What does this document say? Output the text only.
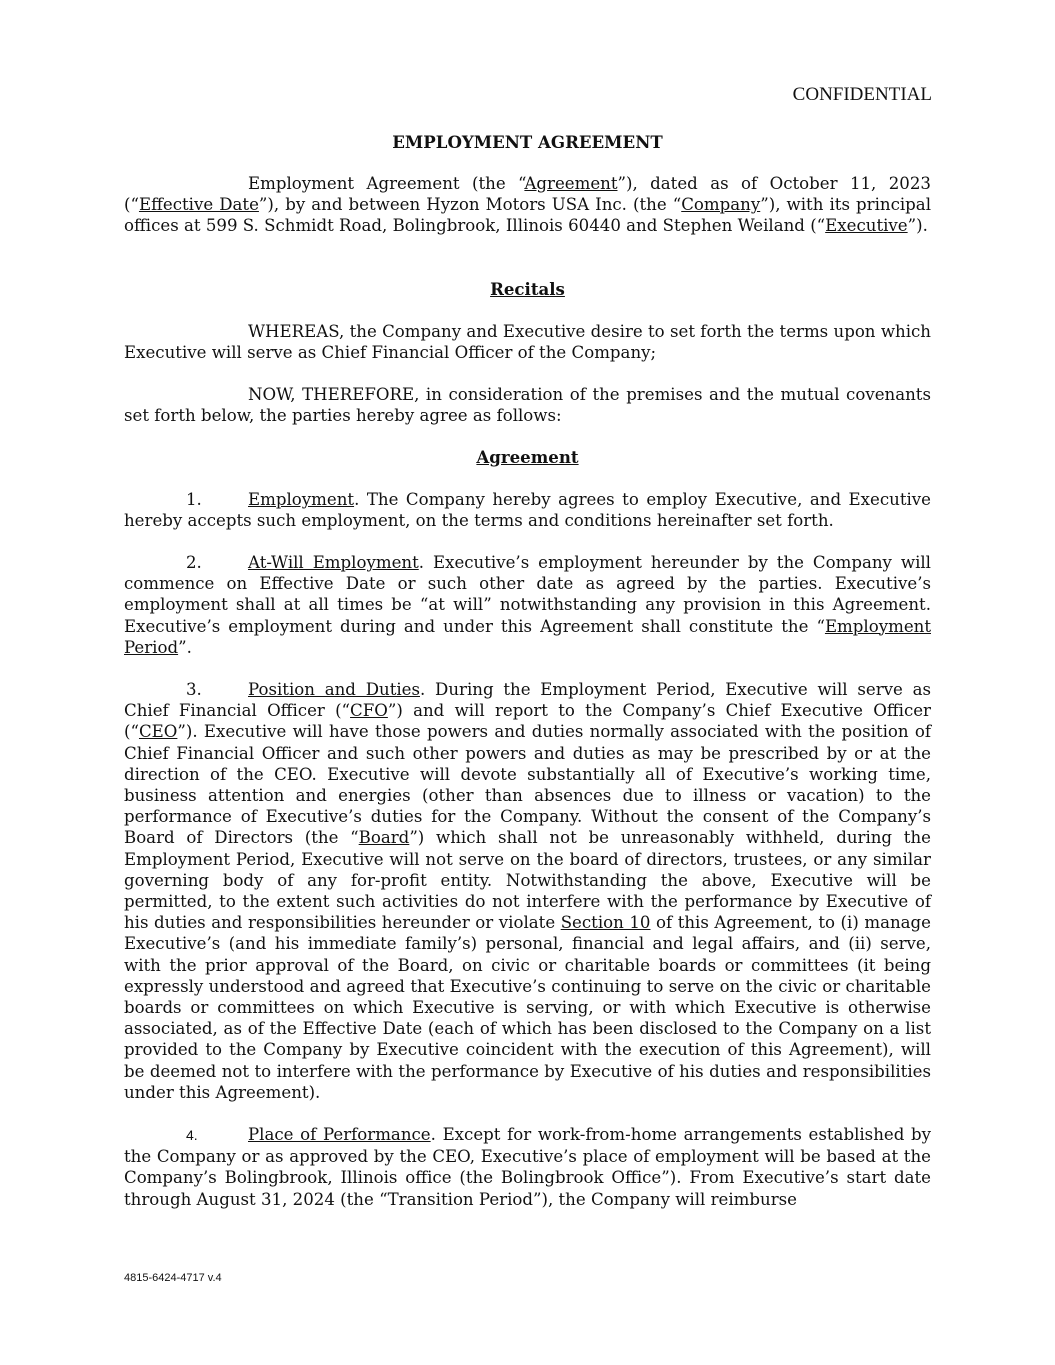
CONFIDENTIAL
EMPLOYMENT AGREEMENT

Employment Agreement (the “Agreement”), dated as of October 11, 2023 (“Effective Date”), by and between Hyzon Motors USA Inc. (the “Company”), with its principal offices at 599 S. Schmidt Road, Bolingbrook, Illinois 60440 and Stephen Weiland (“Executive”).

Recitals

WHEREAS, the Company and Executive desire to set forth the terms upon which Executive will serve as Chief Financial Officer of the Company;

NOW, THEREFORE, in consideration of the premises and the mutual covenants set forth below, the parties hereby agree as follows:

Agreement

1.	Employment. The Company hereby agrees to employ Executive, and Executive hereby accepts such employment, on the terms and conditions hereinafter set forth.

2.	At-Will Employment. Executive’s employment hereunder by the Company will commence on Effective Date or such other date as agreed by the parties. Executive’s employment shall at all times be “at will” notwithstanding any provision in this Agreement. Executive’s employment during and under this Agreement shall constitute the “Employment Period”.

3.	Position and Duties. During the Employment Period, Executive will serve as Chief Financial Officer (“CFO”) and will report to the Company’s Chief Executive Officer (“CEO”). Executive will have those powers and duties normally associated with the position of Chief Financial Officer and such other powers and duties as may be prescribed by or at the direction of the CEO. Executive will devote substantially all of Executive’s working time, business attention and energies (other than absences due to illness or vacation) to the performance of Executive’s duties for the Company. Without the consent of the Company’s Board of Directors (the “Board”) which shall not be unreasonably withheld, during the Employment Period, Executive will not serve on the board of directors, trustees, or any similar governing body of any for-profit entity. Notwithstanding the above, Executive will be permitted, to the extent such activities do not interfere with the performance by Executive of his duties and responsibilities hereunder or violate Section 10 of this Agreement, to (i) manage Executive’s (and his immediate family’s) personal, financial and legal affairs, and (ii) serve, with the prior approval of the Board, on civic or charitable boards or committees (it being expressly understood and agreed that Executive’s continuing to serve on the civic or charitable boards or committees on which Executive is serving, or with which Executive is otherwise associated, as of the Effective Date (each of which has been disclosed to the Company on a list provided to the Company by Executive coincident with the execution of this Agreement), will be deemed not to interfere with the performance by Executive of his duties and responsibilities under this Agreement).

4.	Place of Performance. Except for work-from-home arrangements established by the Company or as approved by the CEO, Executive’s place of employment will be based at the Company’s Bolingbrook, Illinois office (the Bolingbrook Office”). From Executive’s start date through August 31, 2024 (the “Transition Period”), the Company will reimburse

4815-6424-4717 v.4
